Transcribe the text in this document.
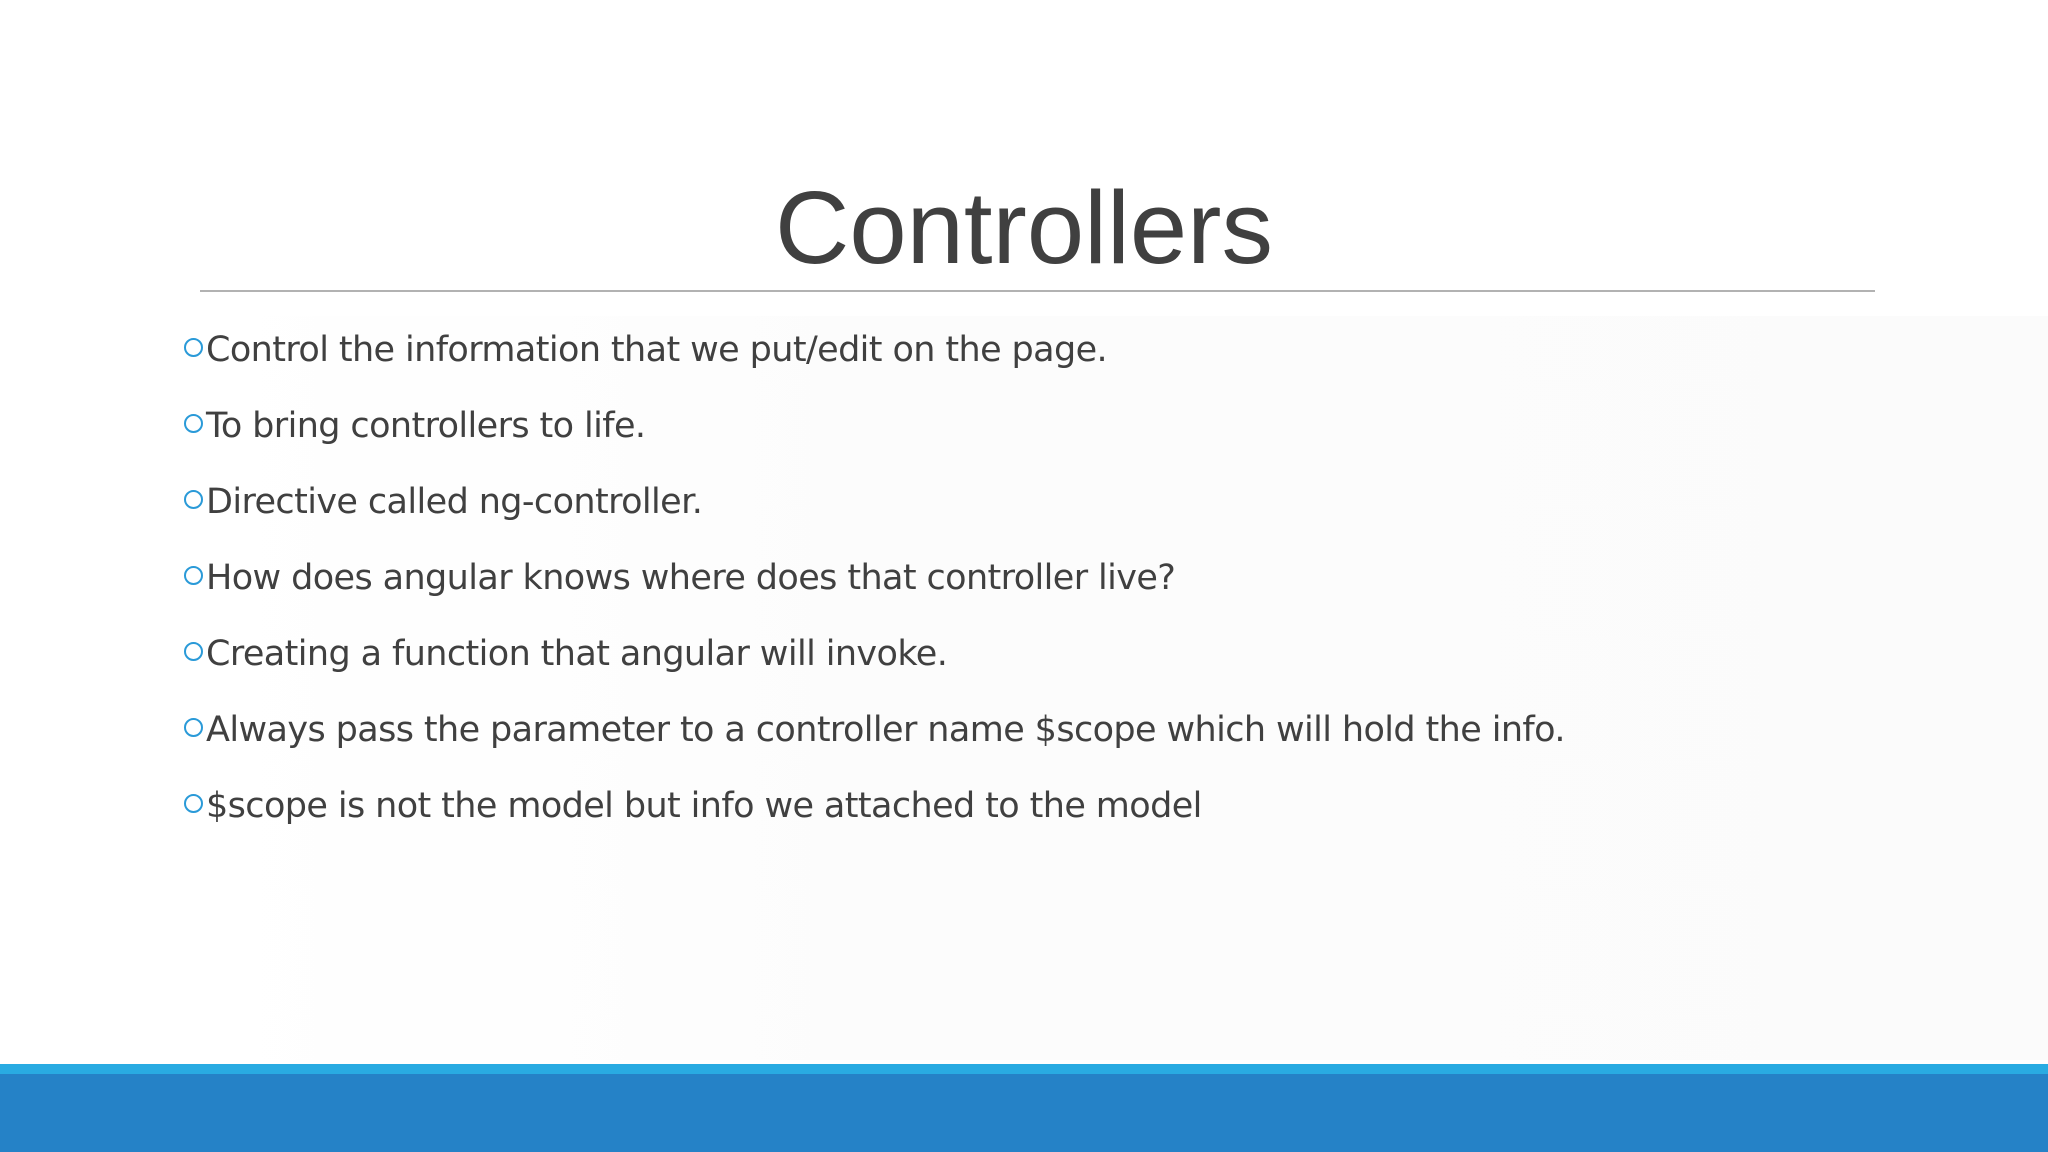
Controllers
Control the information that we put/edit on the page.
To bring controllers to life.
Directive called ng-controller.
How does angular knows where does that controller live?
Creating a function that angular will invoke.
Always pass the parameter to a controller name $scope which will hold the info.
$scope is not the model but info we attached to the model
